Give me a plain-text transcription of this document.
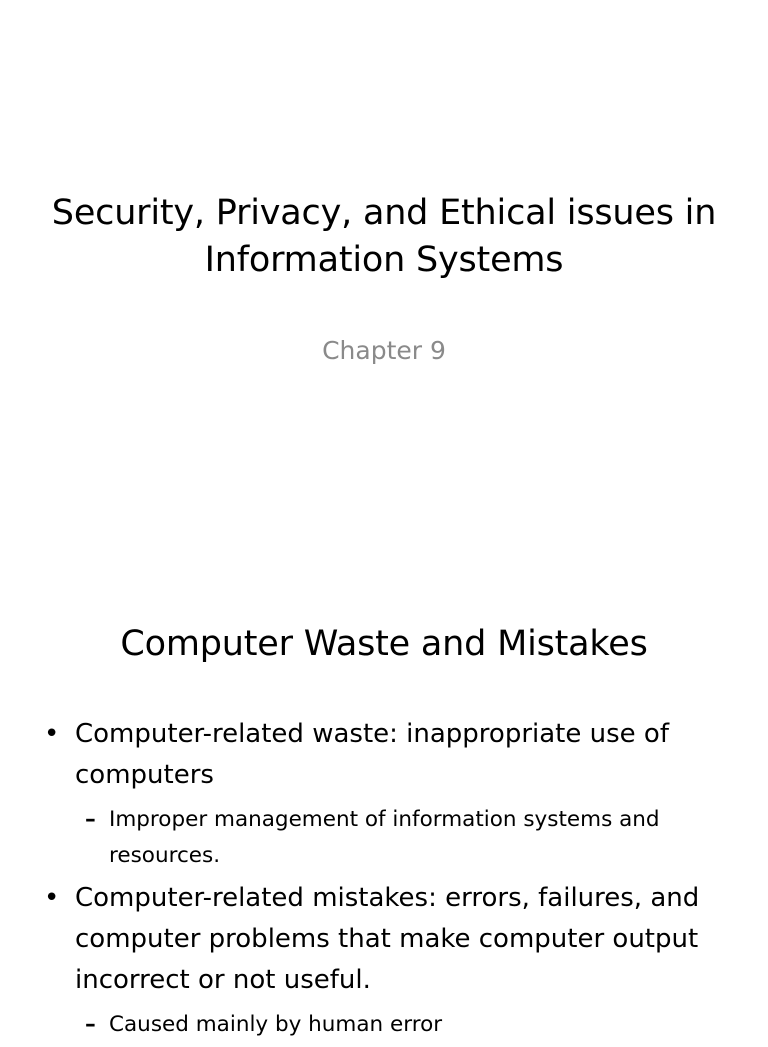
Security, Privacy, and Ethical issues in Information Systems
Chapter 9
Computer Waste and Mistakes
• Computer-related waste: inappropriate use of computers
– Improper management of information systems and resources.
• Computer-related mistakes: errors, failures, and computer problems that make computer output incorrect or not useful.
– Caused mainly by human error
